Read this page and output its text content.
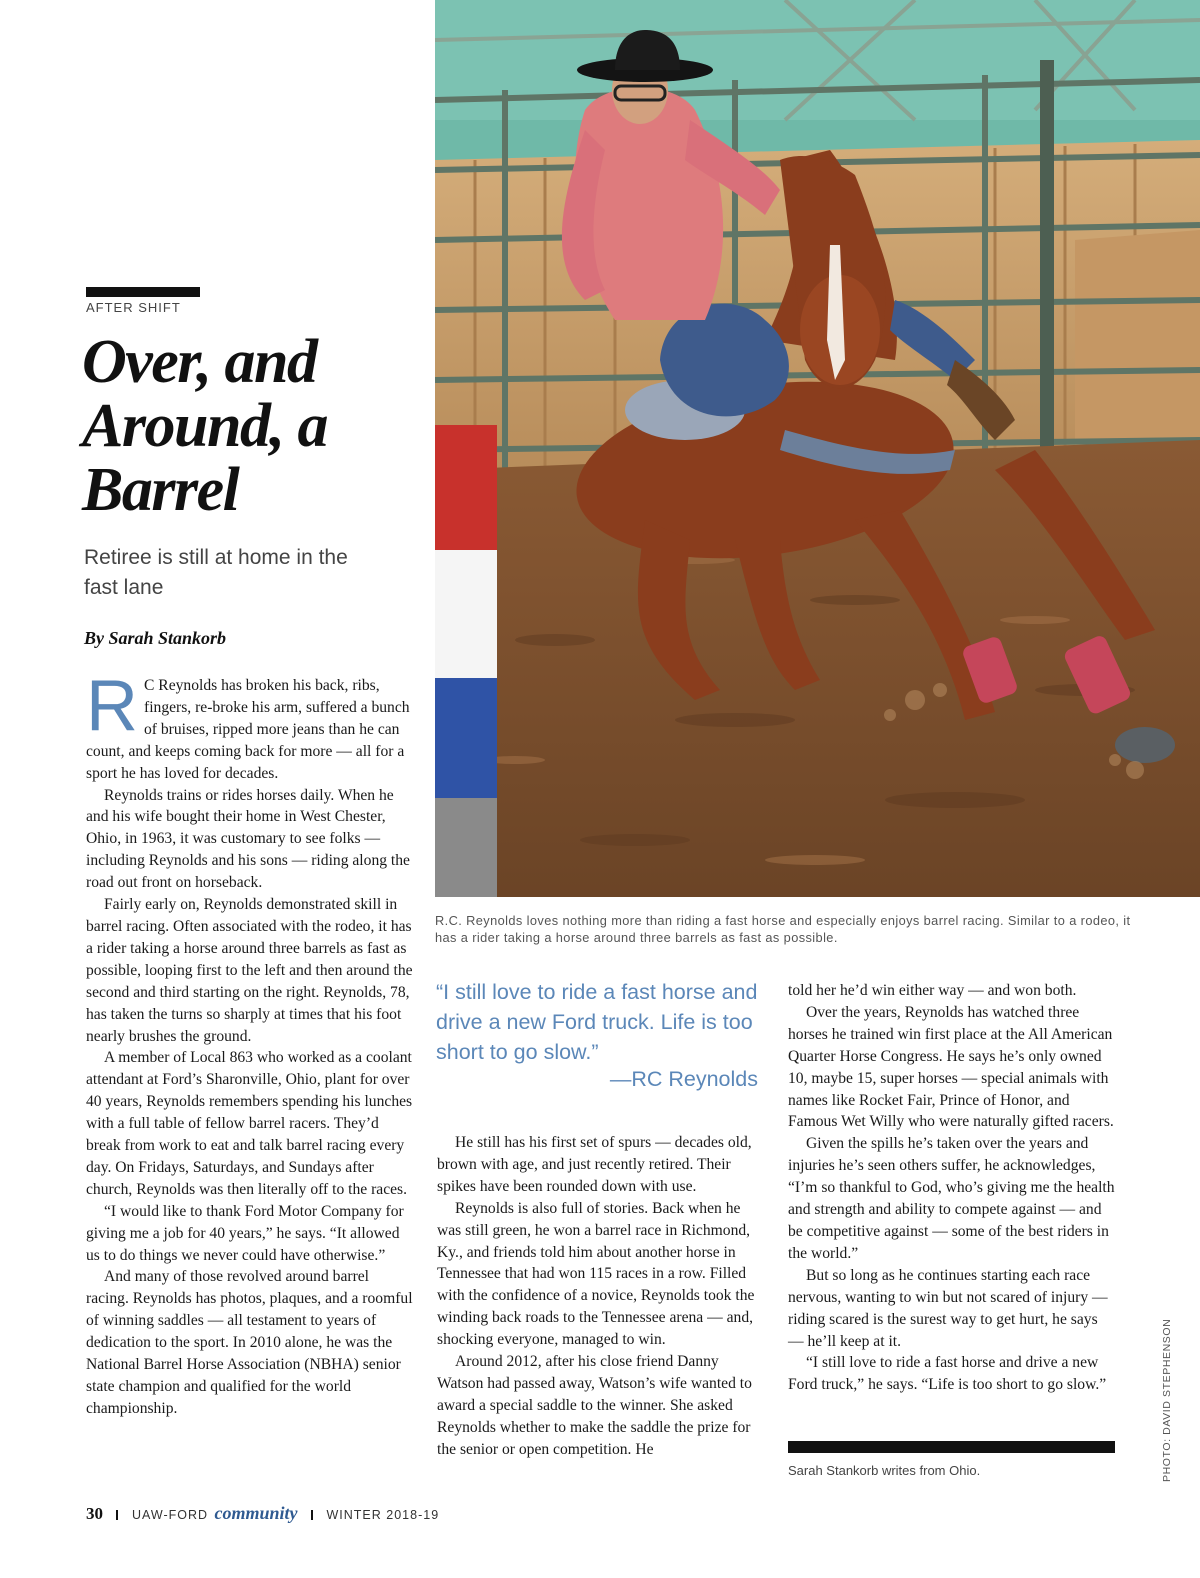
AFTER SHIFT
Over, and Around, a Barrel
Retiree is still at home in the fast lane
By Sarah Stankorb

R C Reynolds has broken his back, ribs, fingers, re-broke his arm, suffered a bunch of bruises, ripped more jeans than he can count, and keeps coming back for more — all for a sport he has loved for decades.

Reynolds trains or rides horses daily. When he and his wife bought their home in West Chester, Ohio, in 1963, it was customary to see folks — including Reynolds and his sons — riding along the road out front on horseback.

Fairly early on, Reynolds demonstrated skill in barrel racing. Often associated with the rodeo, it has a rider taking a horse around three barrels as fast as possible, looping first to the left and then around the second and third starting on the right. Reynolds, 78, has taken the turns so sharply at times that his foot nearly brushes the ground.

A member of Local 863 who worked as a coolant attendant at Ford’s Sharonville, Ohio, plant for over 40 years, Reynolds remembers spending his lunches with a full table of fellow barrel racers. They’d break from work to eat and talk barrel racing every day. On Fridays, Saturdays, and Sundays after church, Reynolds was then literally off to the races.

“I would like to thank Ford Motor Company for giving me a job for 40 years,” he says. “It allowed us to do things we never could have otherwise.”

And many of those revolved around barrel racing. Reynolds has photos, plaques, and a roomful of winning saddles — all testament to years of dedication to the sport. In 2010 alone, he was the National Barrel Horse Association (NBHA) senior state champion and qualified for the world championship.

R.C. Reynolds loves nothing more than riding a fast horse and especially enjoys barrel racing. Similar to a rodeo, it has a rider taking a horse around three barrels as fast as possible.

“I still love to ride a fast horse and drive a new Ford truck. Life is too short to go slow.”

—RC Reynolds

He still has his first set of spurs — decades old, brown with age, and just recently retired. Their spikes have been rounded down with use.

Reynolds is also full of stories. Back when he was still green, he won a barrel race in Richmond, Ky., and friends told him about another horse in Tennessee that had won 115 races in a row. Filled with the confidence of a novice, Reynolds took the winding back roads to the Tennessee arena — and, shocking everyone, managed to win.

Around 2012, after his close friend Danny Watson had passed away, Watson’s wife wanted to award a special saddle to the winner. She asked Reynolds whether to make the saddle the prize for the senior or open competition. He

told her he’d win either way — and won both.

Over the years, Reynolds has watched three horses he trained win first place at the All American Quarter Horse Congress. He says he’s only owned 10, maybe 15, super horses — special animals with names like Rocket Fair, Prince of Honor, and Famous Wet Willy who were naturally gifted racers.

Given the spills he’s taken over the years and injuries he’s seen others suffer, he acknowledges, “I’m so thankful to God, who’s giving me the health and strength and ability to compete against — and be competitive against — some of the best riders in the world.”

But so long as he continues starting each race nervous, wanting to win but not scared of injury — riding scared is the surest way to get hurt, he says — he’ll keep at it.

“I still love to ride a fast horse and drive a new Ford truck,” he says. “Life is too short to go slow.”

Sarah Stankorb writes from Ohio.	PHOTO: DAVID STEPHENSON
30 UAW-FORD community WINTER 2018-19
